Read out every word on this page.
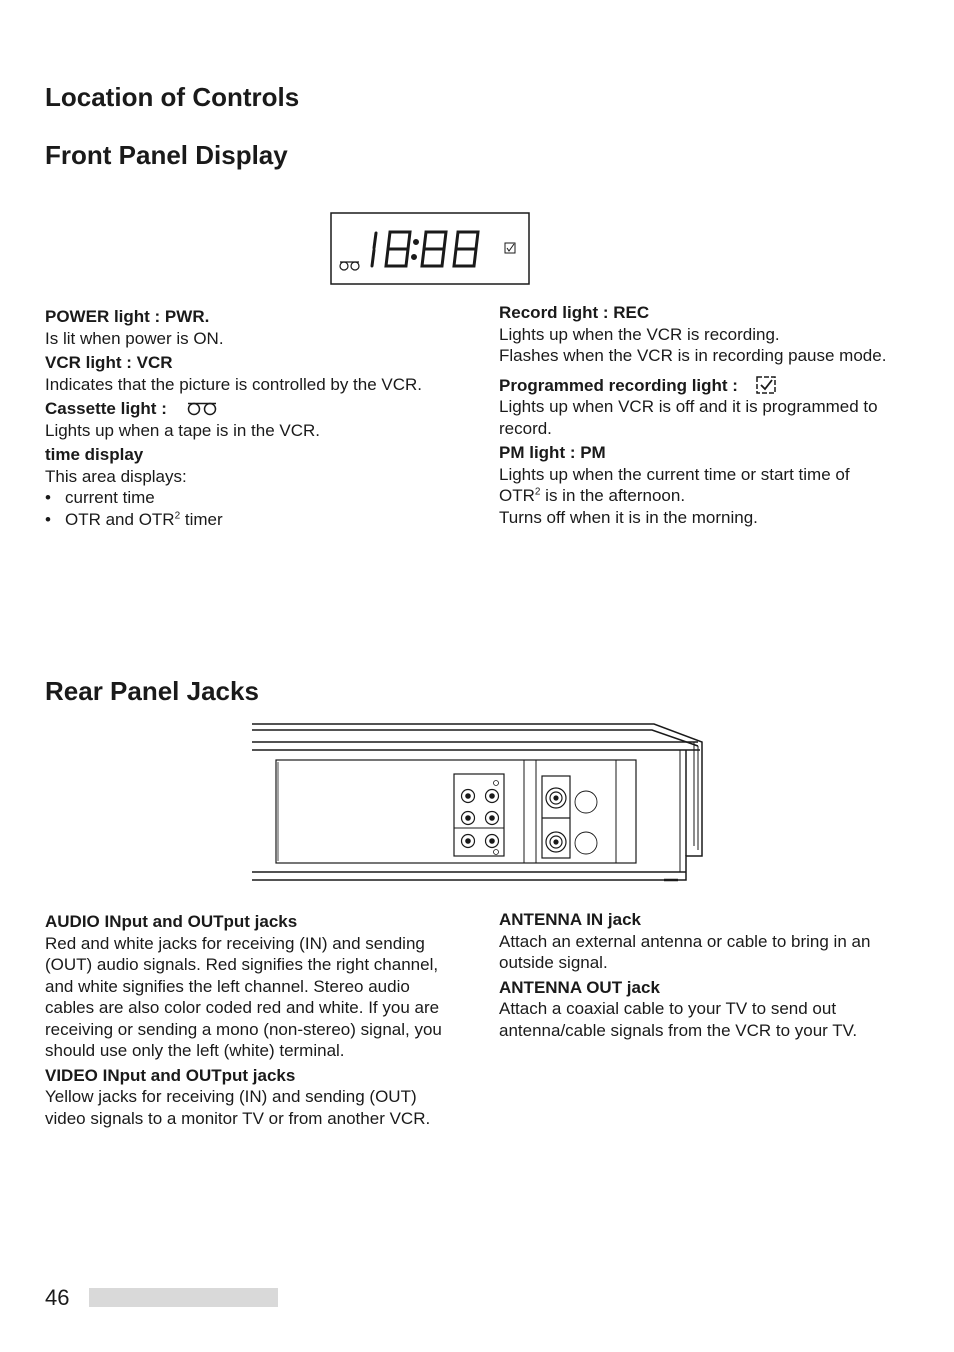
Location of Controls
Front Panel Display
POWER light : PWR.
Is lit when power is ON.
VCR light : VCR
Indicates that the picture is controlled by the VCR.
Cassette light :
Lights up when a tape is in the VCR.
time display
This area displays:
• current time
• OTR and OTR$^2$ timer
Record light : REC
Lights up when the VCR is recording.
Flashes when the VCR is in recording pause mode.
Programmed recording light :
Lights up when VCR is off and it is programmed to record.
PM light : PM
Lights up when the current time or start time of
OTR$^2$ is in the afternoon.
Turns off when it is in the morning.
Rear Panel Jacks
AUDIO INput and OUTput jacks
Red and white jacks for receiving (IN) and sending (OUT) audio signals. Red signifies the right channel, and white signifies the left channel. Stereo audio cables are also color coded red and white. If you are receiving or sending a mono (non-stereo) signal, you should use only the left (white) terminal.
VIDEO INput and OUTput jacks
Yellow jacks for receiving (IN) and sending (OUT) video signals to a monitor TV or from another VCR.
ANTENNA IN jack
Attach an external antenna or cable to bring in an outside signal.
ANTENNA OUT jack
Attach a coaxial cable to your TV to send out antenna/cable signals from the VCR to your TV.
46
